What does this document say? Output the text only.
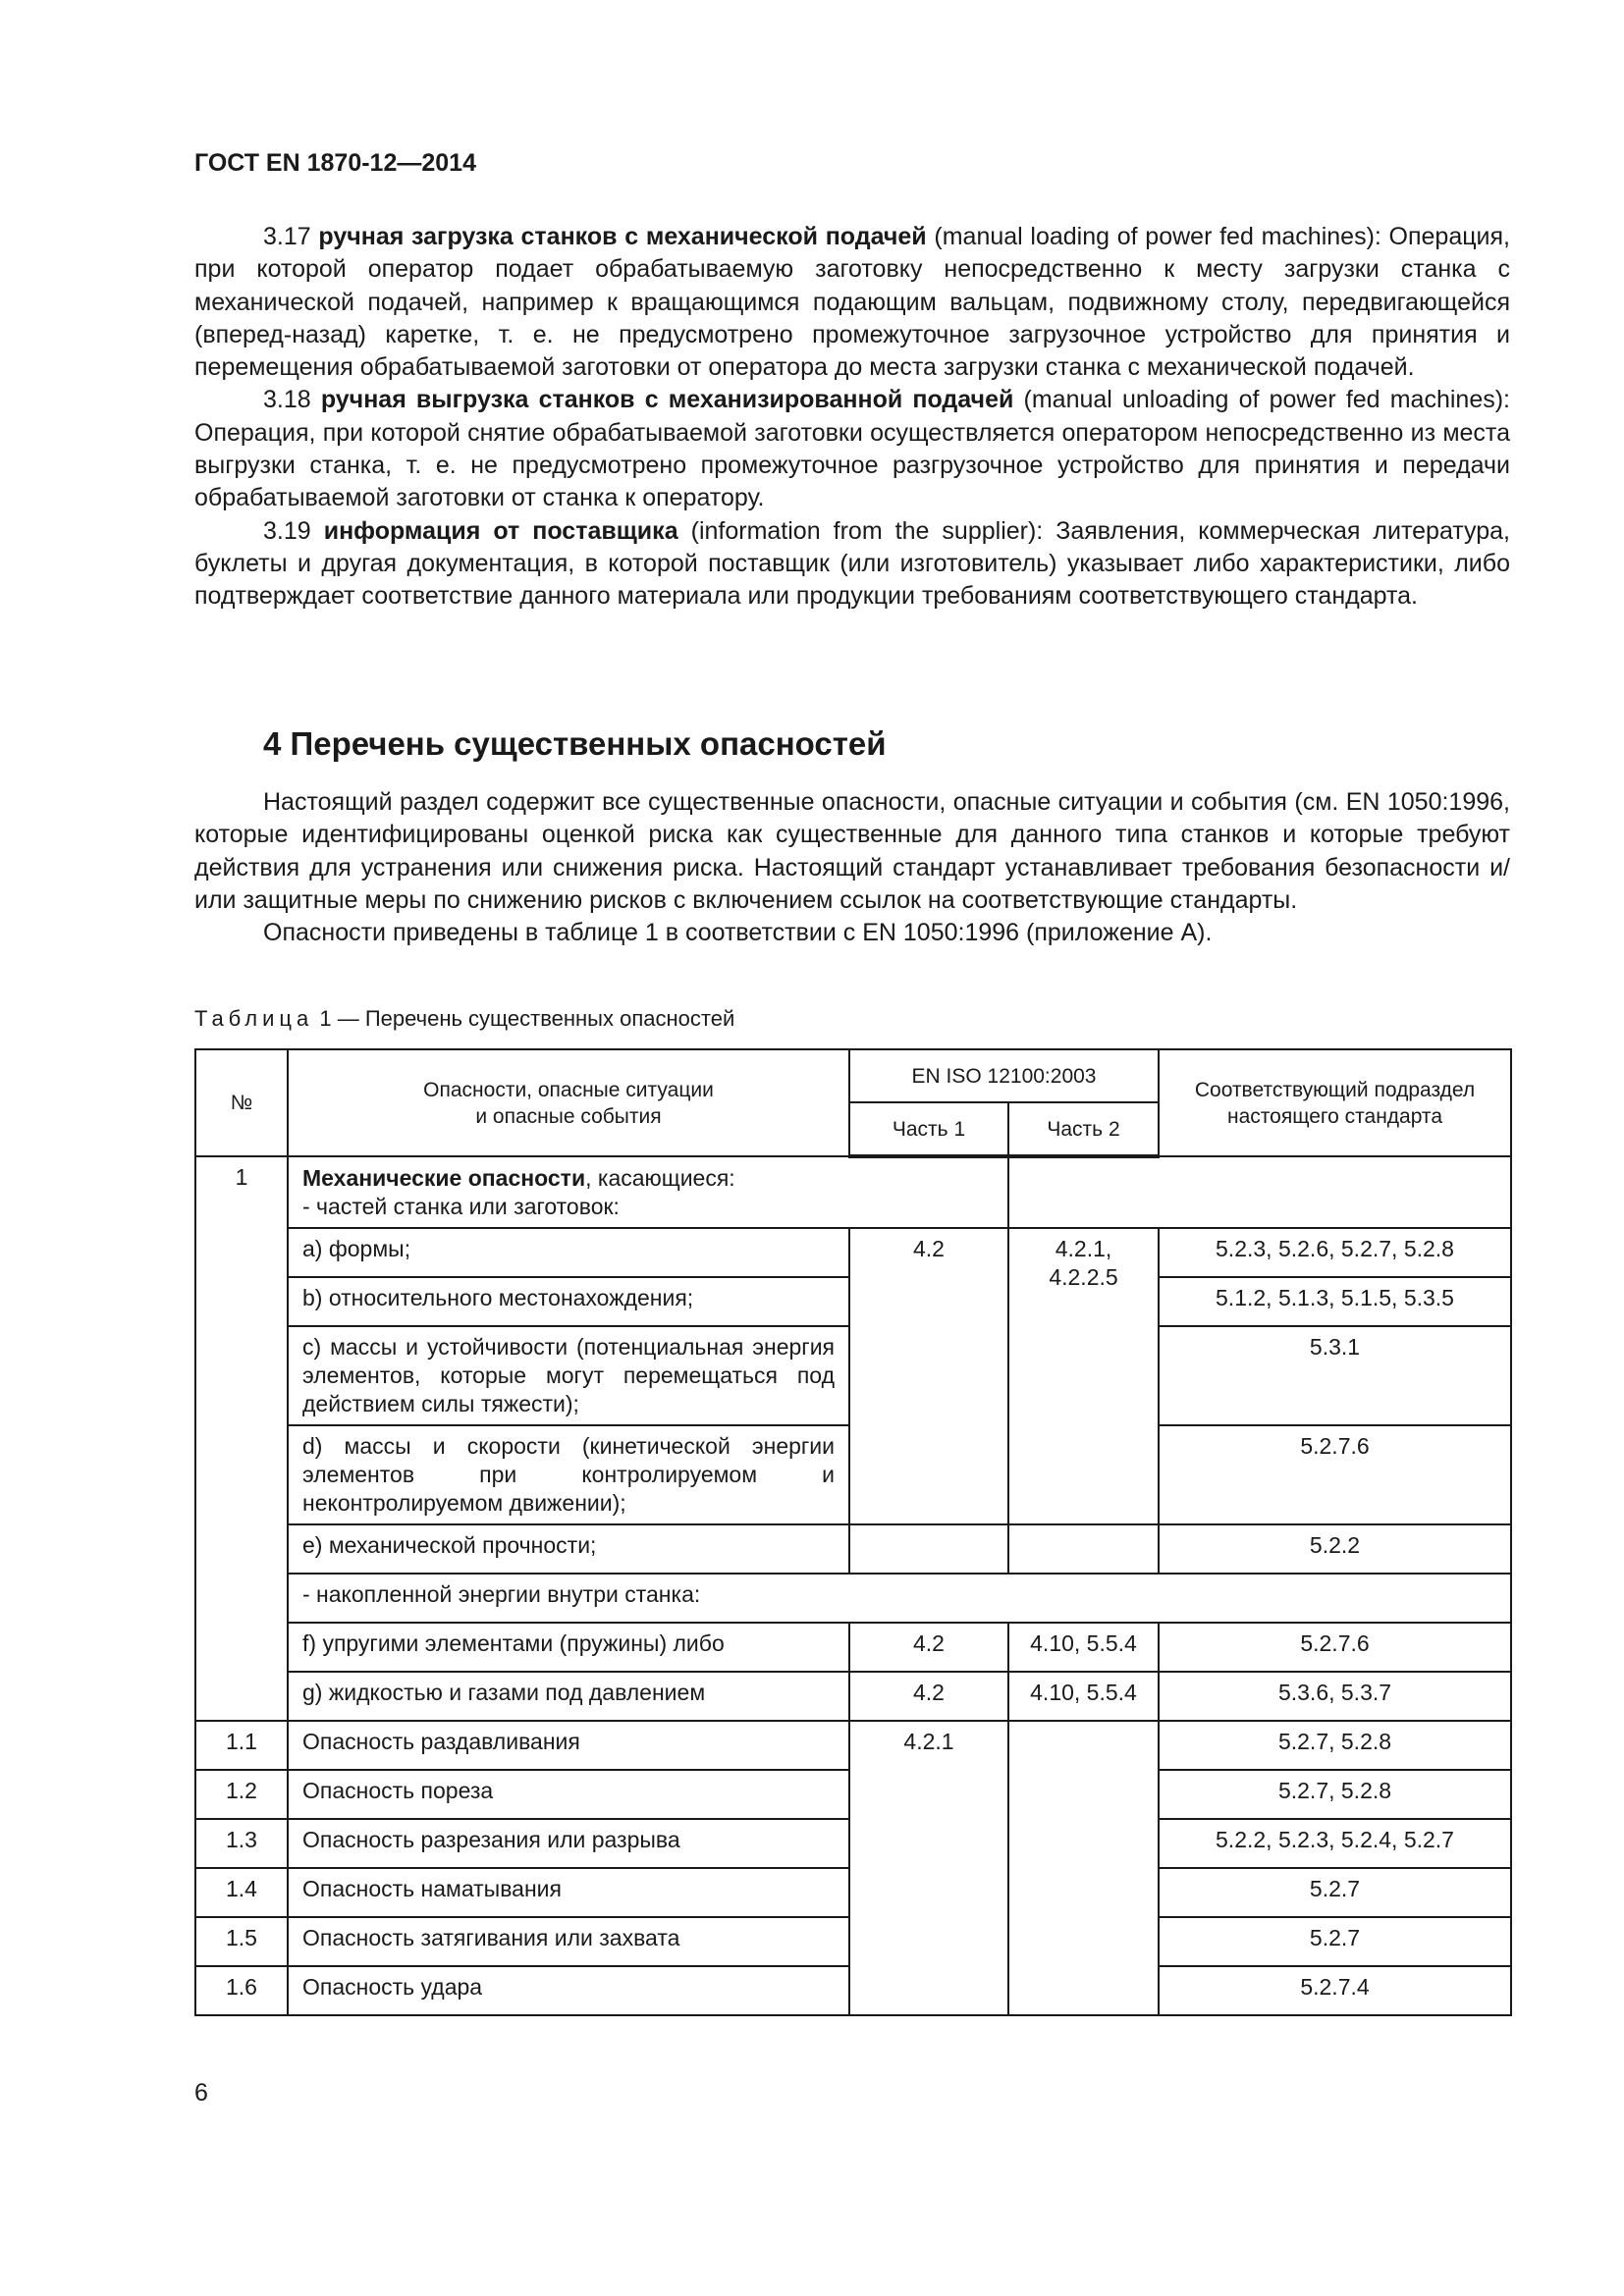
ГОСТ EN 1870-12—2014

3.17 ручная загрузка станков с механической подачей (manual loading of power fed machines): Операция, при которой оператор подает обрабатываемую заготовку непосредственно к месту загрузки станка с механической подачей, например к вращающимся подающим вальцам, подвижному столу, передвигающейся (вперед-назад) каретке, т. е. не предусмотрено промежуточное загрузочное устройство для принятия и перемещения обрабатываемой заготовки от оператора до места загрузки станка с механической подачей.

3.18 ручная выгрузка станков с механизированной подачей (manual unloading of power fed machines): Операция, при которой снятие обрабатываемой заготовки осуществляется оператором непосредственно из места выгрузки станка, т. е. не предусмотрено промежуточное разгрузочное устройство для принятия и передачи обрабатываемой заготовки от станка к оператору.

3.19 информация от поставщика (information from the supplier): Заявления, коммерческая литература, буклеты и другая документация, в которой поставщик (или изготовитель) указывает либо характеристики, либо подтверждает соответствие данного материала или продукции требованиям соответствующего стандарта.

4 Перечень существенных опасностей

Настоящий раздел содержит все существенные опасности, опасные ситуации и события (см. EN 1050:1996, которые идентифицированы оценкой риска как существенные для данного типа станков и которые требуют действия для устранения или снижения риска. Настоящий стандарт устанавливает требования безопасности и/или защитные меры по снижению рисков с включением ссылок на соответствующие стандарты.

Опасности приведены в таблице 1 в соответствии с EN 1050:1996 (приложение А).

Таблица 1 — Перечень существенных опасностей

№	Опасности, опасные ситуации
и опасные события	EN ISO 12100:2003		Соответствующий подраздел
настоящего стандарта
		Часть 1	Часть 2	
1	Механические опасности, касающиеся:
- частей станка или заготовок:			
	a) формы;	4.2	4.2.1, 4.2.2.5	5.2.3, 5.2.6, 5.2.7, 5.2.8
	b) относительного местонахождения;			5.1.2, 5.1.3, 5.1.5, 5.3.5
	c) массы и устойчивости (потенциальная энергия элементов, которые могут перемещаться под действием силы тяжести);			5.3.1
	d) массы и скорости (кинетической энергии элементов при контролируемом и неконтролируемом движении);			5.2.7.6
	e) механической прочности;			5.2.2
	- накопленной энергии внутри станка:			
	f) упругими элементами (пружины) либо	4.2	4.10, 5.5.4	5.2.7.6
	g) жидкостью и газами под давлением	4.2	4.10, 5.5.4	5.3.6, 5.3.7
1.1	Опасность раздавливания	4.2.1		5.2.7, 5.2.8
1.2	Опасность пореза			5.2.7, 5.2.8
1.3	Опасность разрезания или разрыва			5.2.2, 5.2.3, 5.2.4, 5.2.7
1.4	Опасность наматывания			5.2.7
1.5	Опасность затягивания или захвата			5.2.7
1.6	Опасность удара			5.2.7.4

6
